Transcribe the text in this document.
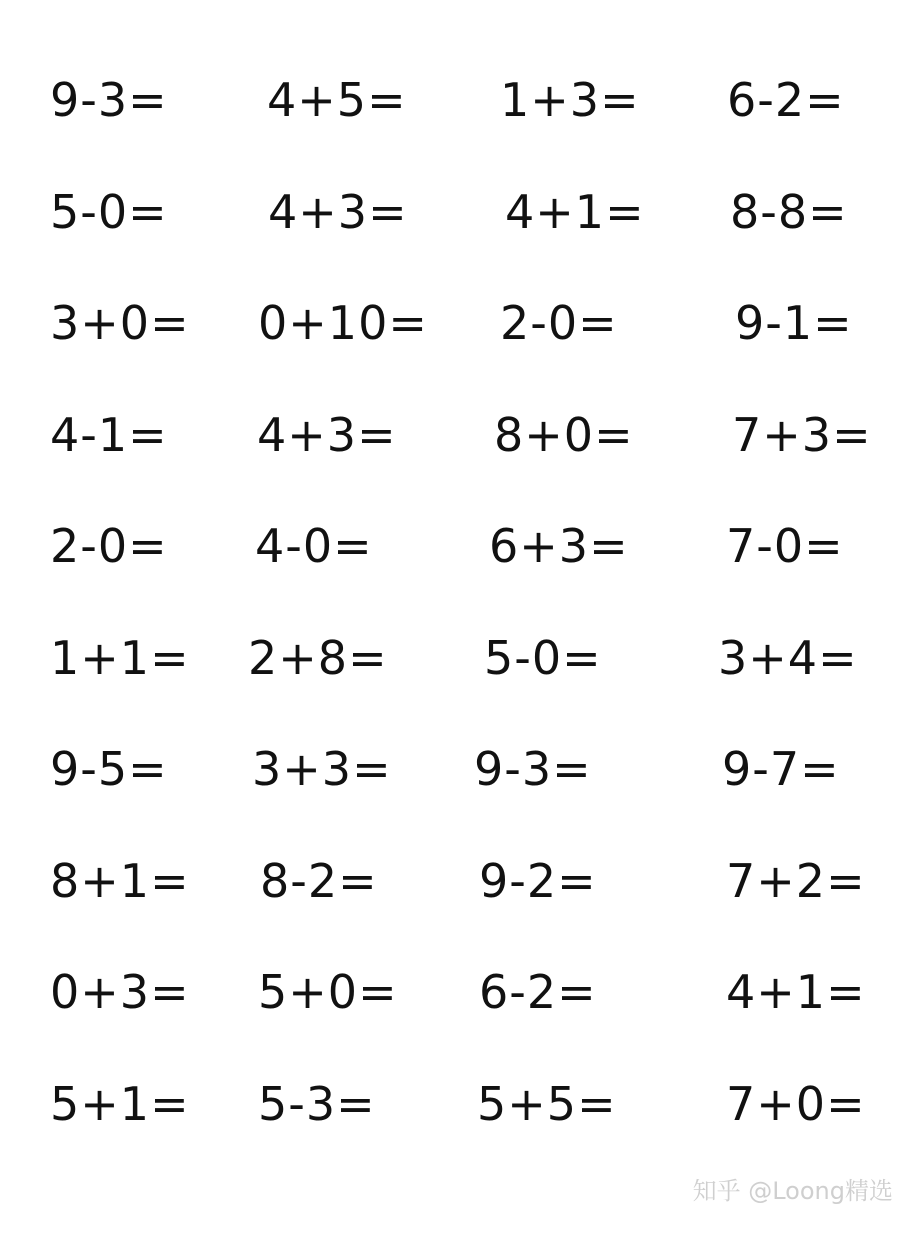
9-3= 4+5= 1+3= 6-2=
5-0= 4+3= 4+1= 8-8=
3+0= 0+10= 2-0=	9-1=
4-1= 4+3= 8+0= 7+3=
2-0= 4-0=	6+3= 7-0=
1+1= 2+8= 5-0=	3+4=
9-5= 3+3= 9-3=	9-7=
8+1= 8-2= 9-2=	7+2=
0+3= 5+0= 6-2=	4+1=
5+1= 5-3= 5+5= 7+0=
知乎 @Loong精选
